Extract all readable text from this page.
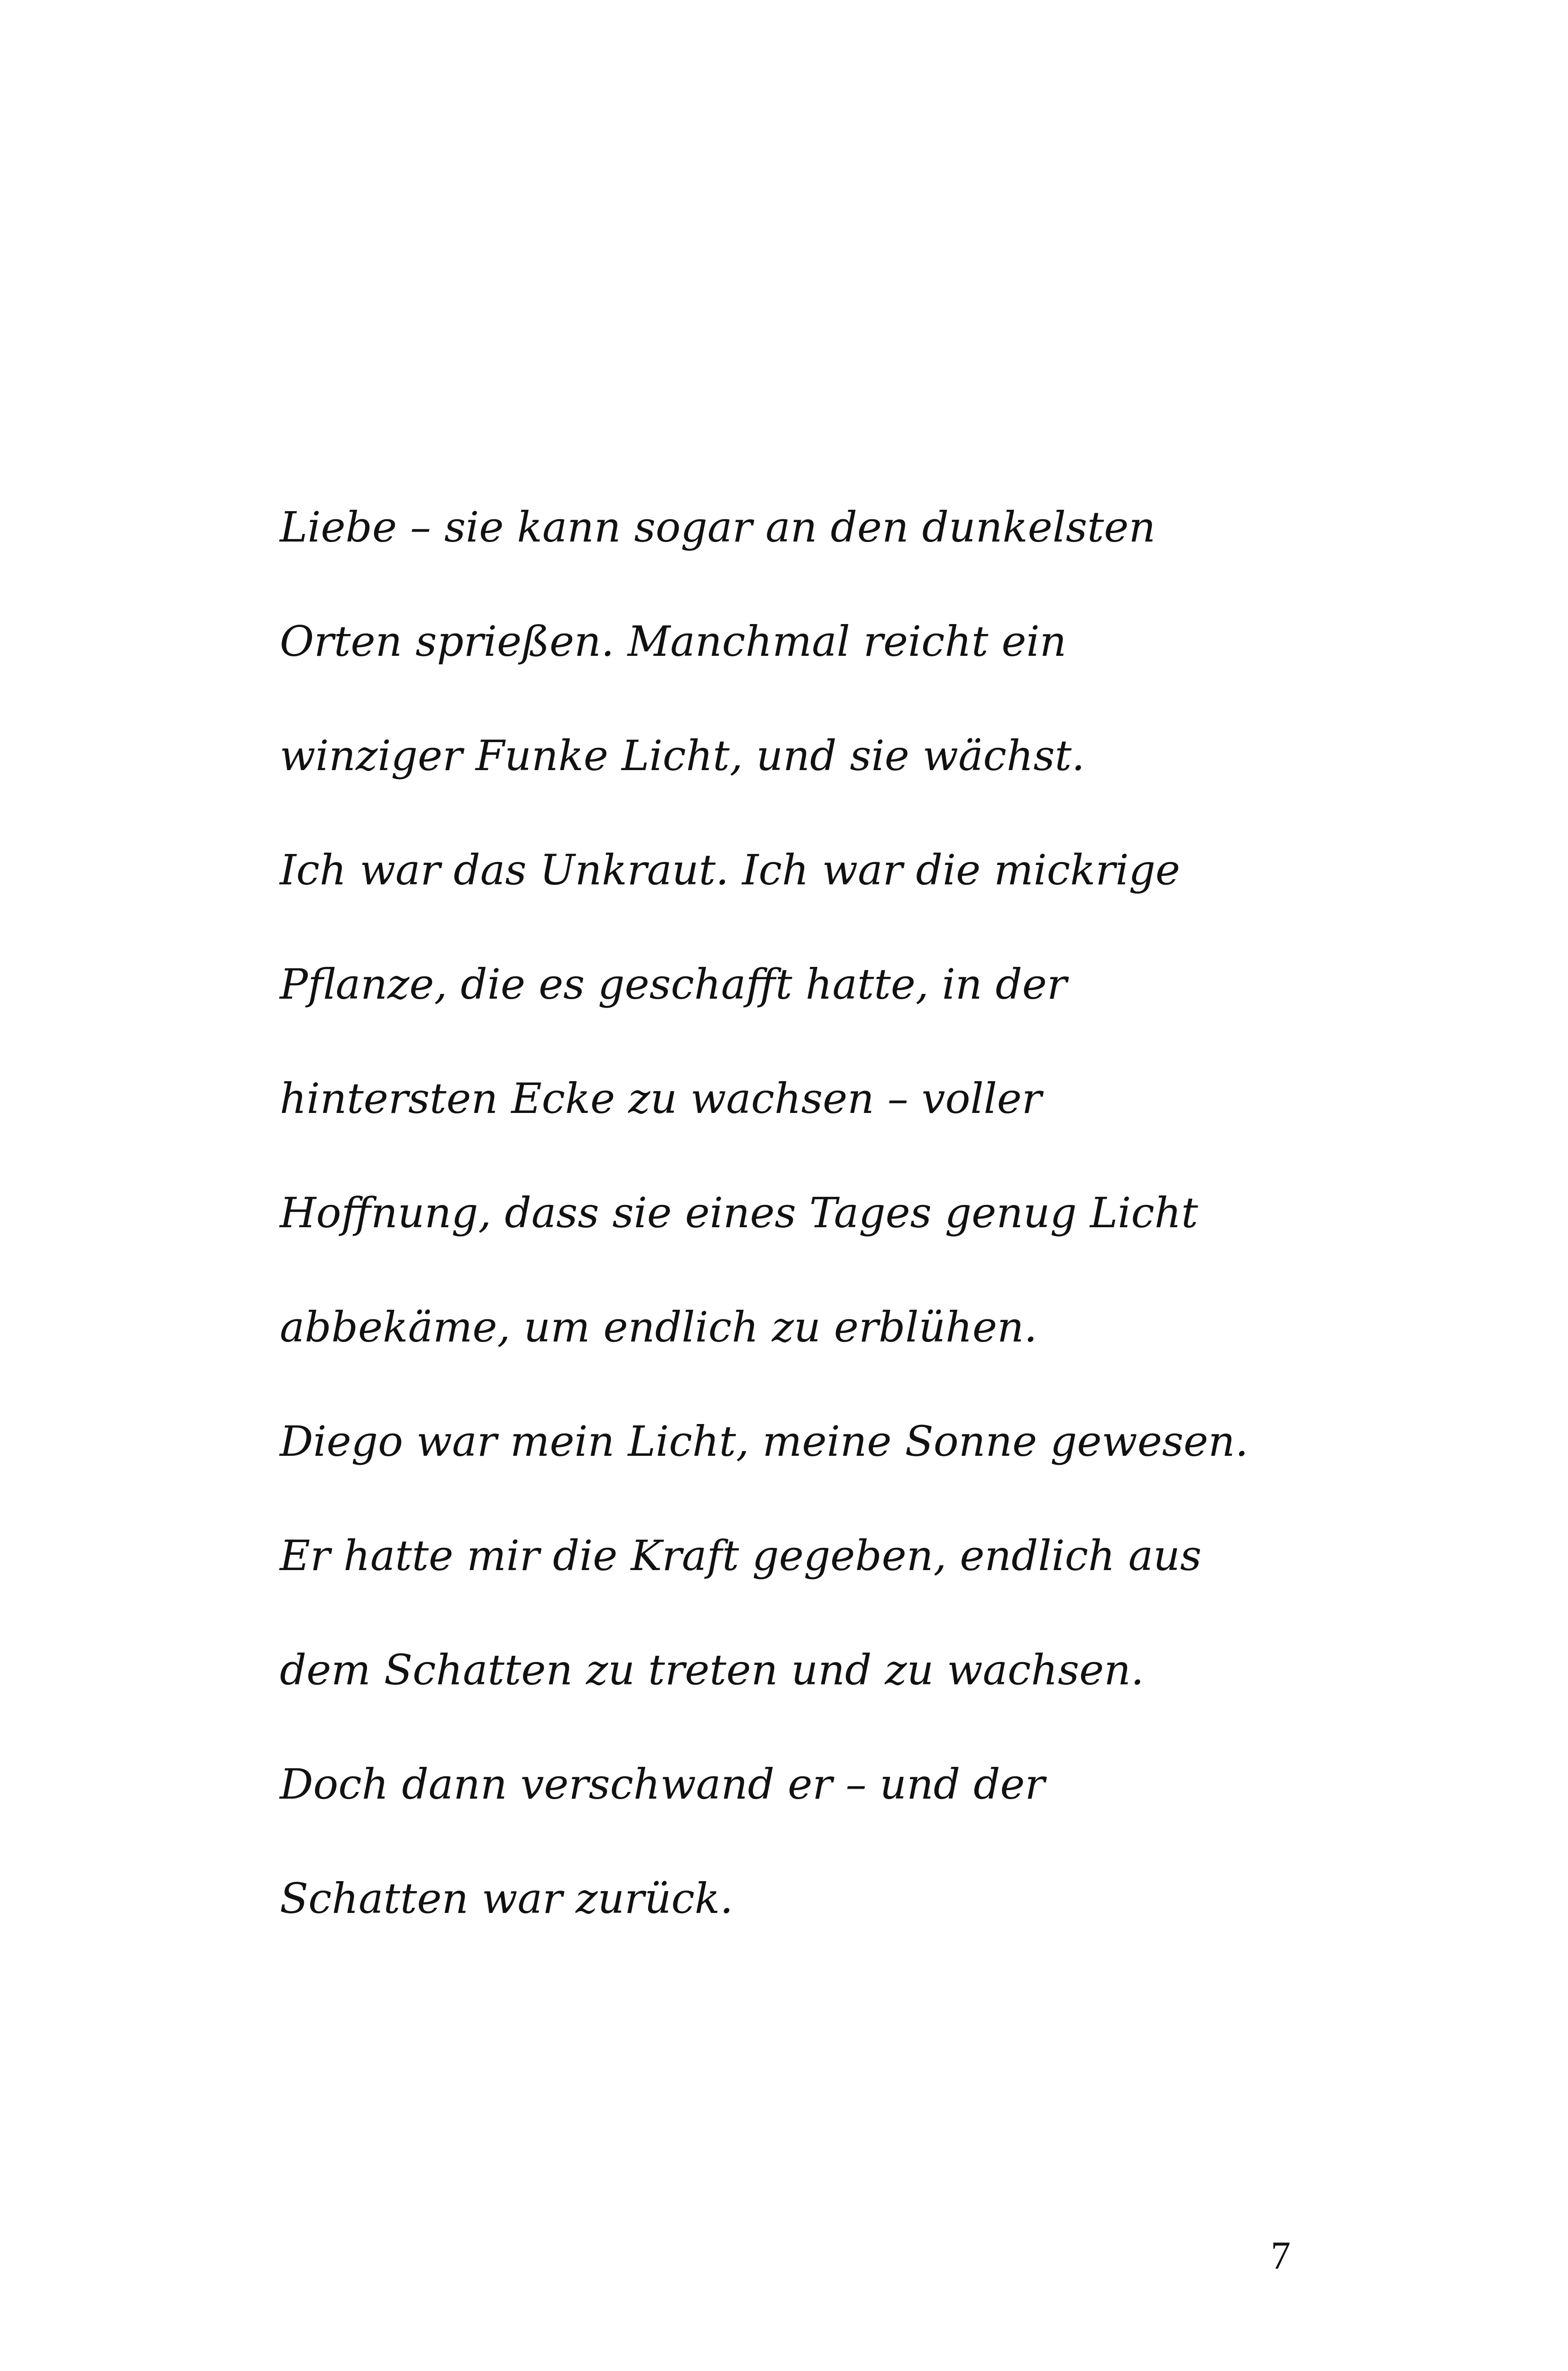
Liebe – sie kann sogar an den dunkelsten
Orten sprießen. Manchmal reicht ein
winziger Funke Licht, und sie wächst.
Ich war das Unkraut. Ich war die mickrige
Pflanze, die es geschafft hatte, in der
hintersten Ecke zu wachsen – voller
Hoffnung, dass sie eines Tages genug Licht
abbekäme, um endlich zu erblühen.
Diego war mein Licht, meine Sonne gewesen.
Er hatte mir die Kraft gegeben, endlich aus
dem Schatten zu treten und zu wachsen.
Doch dann verschwand er – und der
Schatten war zurück.
7
